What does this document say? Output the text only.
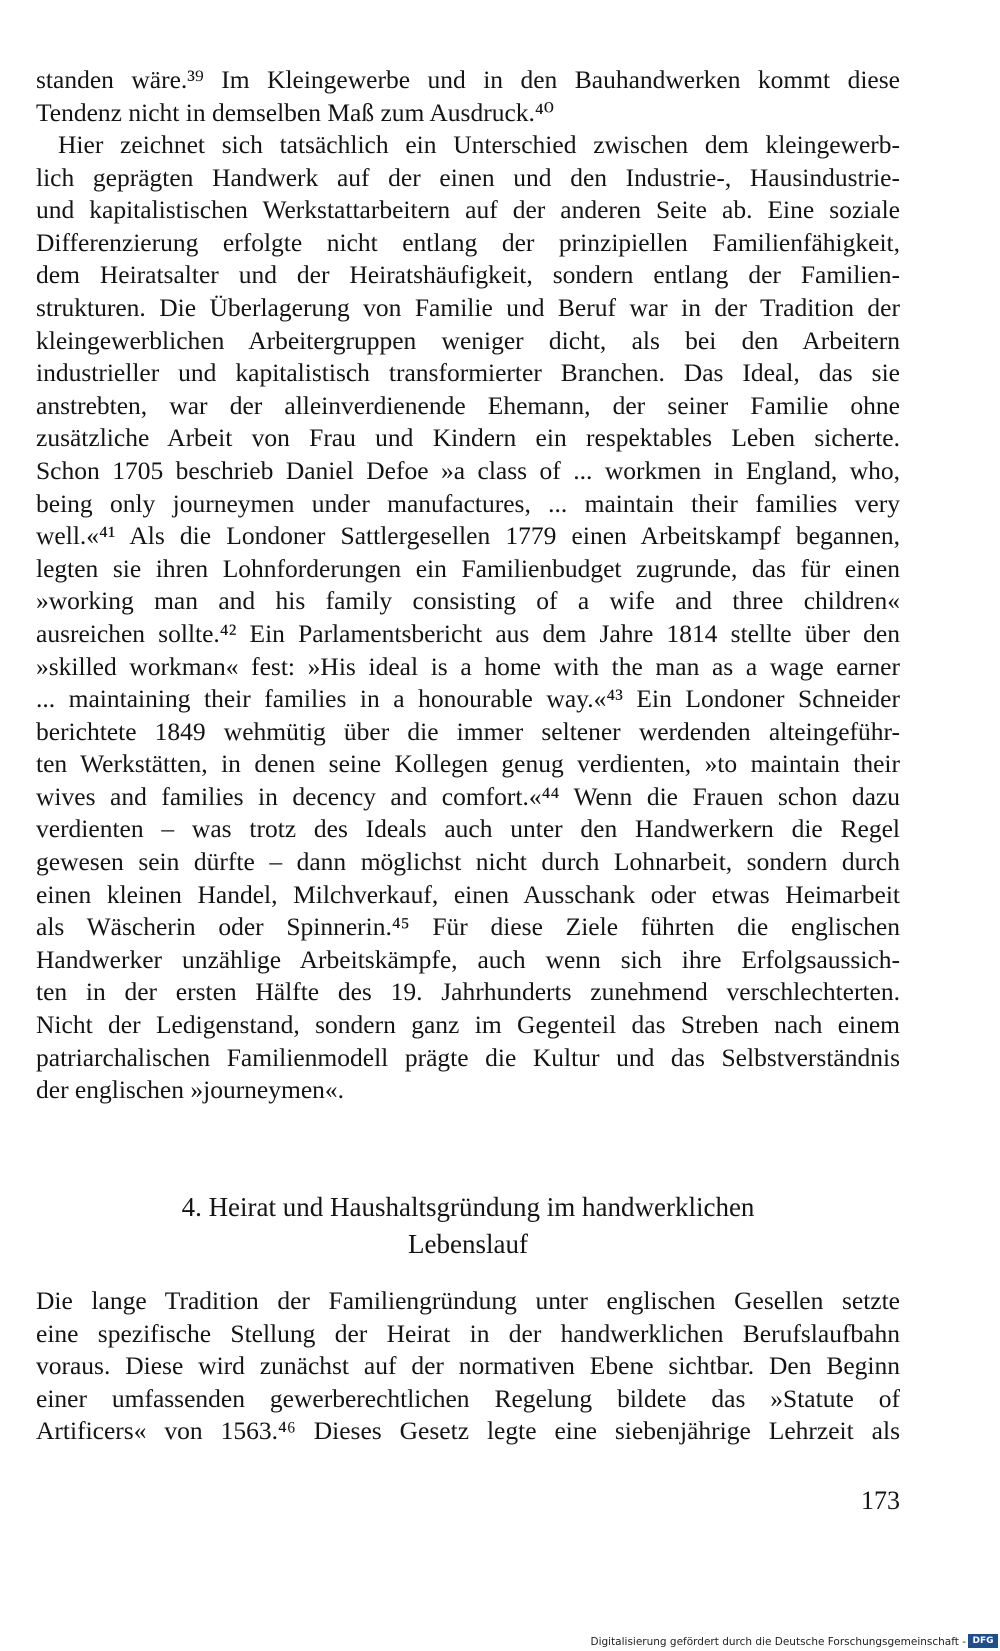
standen wäre.³⁹ Im Kleingewerbe und in den Bauhandwerken kommt diese
Tendenz nicht in demselben Maß zum Ausdruck.⁴⁰
Hier zeichnet sich tatsächlich ein Unterschied zwischen dem kleingewerb-
lich geprägten Handwerk auf der einen und den Industrie-, Hausindustrie-
und kapitalistischen Werkstattarbeitern auf der anderen Seite ab. Eine soziale
Differenzierung erfolgte nicht entlang der prinzipiellen Familienfähigkeit,
dem Heiratsalter und der Heiratshäufigkeit, sondern entlang der Familien-
strukturen. Die Überlagerung von Familie und Beruf war in der Tradition der
kleingewerblichen Arbeitergruppen weniger dicht, als bei den Arbeitern
industrieller und kapitalistisch transformierter Branchen. Das Ideal, das sie
anstrebten, war der alleinverdienende Ehemann, der seiner Familie ohne
zusätzliche Arbeit von Frau und Kindern ein respektables Leben sicherte.
Schon 1705 beschrieb Daniel Defoe »a class of ... workmen in England, who,
being only journeymen under manufactures, ... maintain their families very
well.«⁴¹ Als die Londoner Sattlergesellen 1779 einen Arbeitskampf begannen,
legten sie ihren Lohnforderungen ein Familienbudget zugrunde, das für einen
»working man and his family consisting of a wife and three children«
ausreichen sollte.⁴² Ein Parlamentsbericht aus dem Jahre 1814 stellte über den
»skilled workman« fest: »His ideal is a home with the man as a wage earner
... maintaining their families in a honourable way.«⁴³ Ein Londoner Schneider
berichtete 1849 wehmütig über die immer seltener werdenden alteingeführ-
ten Werkstätten, in denen seine Kollegen genug verdienten, »to maintain their
wives and families in decency and comfort.«⁴⁴ Wenn die Frauen schon dazu
verdienten – was trotz des Ideals auch unter den Handwerkern die Regel
gewesen sein dürfte – dann möglichst nicht durch Lohnarbeit, sondern durch
einen kleinen Handel, Milchverkauf, einen Ausschank oder etwas Heimarbeit
als Wäscherin oder Spinnerin.⁴⁵ Für diese Ziele führten die englischen
Handwerker unzählige Arbeitskämpfe, auch wenn sich ihre Erfolgsaussich-
ten in der ersten Hälfte des 19. Jahrhunderts zunehmend verschlechterten.
Nicht der Ledigenstand, sondern ganz im Gegenteil das Streben nach einem
patriarchalischen Familienmodell prägte die Kultur und das Selbstverständnis
der englischen »journeymen«.
4. Heirat und Haushaltsgründung im handwerklichen
Lebenslauf
Die lange Tradition der Familiengründung unter englischen Gesellen setzte
eine spezifische Stellung der Heirat in der handwerklichen Berufslaufbahn
voraus. Diese wird zunächst auf der normativen Ebene sichtbar. Den Beginn
einer umfassenden gewerberechtlichen Regelung bildete das »Statute of
Artificers« von 1563.⁴⁶ Dieses Gesetz legte eine siebenjährige Lehrzeit als
173
Digitalisierung gefördert durch die Deutsche Forschungsgemeinschaft - DFG
